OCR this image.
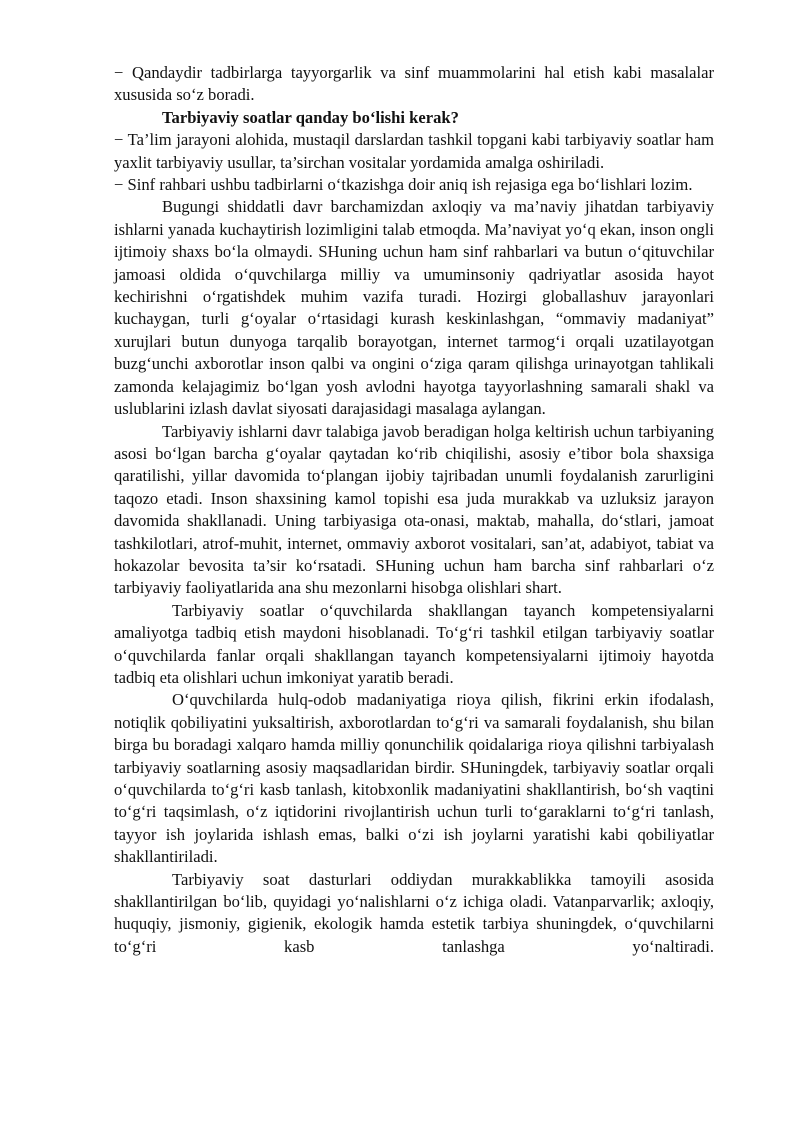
− Qandaydir tadbirlarga tayyorgarlik va sinf muammolarini hal etish kabi masalalar xususida so‘z boradi.

Tarbiyaviy soatlar qanday bo‘lishi kerak?

− Ta’lim jarayoni alohida, mustaqil darslardan tashkil topgani kabi tarbiyaviy soatlar ham yaxlit tarbiyaviy usullar, ta’sirchan vositalar yordamida amalga oshiriladi.

− Sinf rahbari ushbu tadbirlarni o‘tkazishga doir aniq ish rejasiga ega bo‘lishlari lozim.

Bugungi shiddatli davr barchamizdan axloqiy va ma’naviy jihatdan tarbiyaviy ishlarni yanada kuchaytirish lozimligini talab etmoqda. Ma’naviyat yo‘q ekan, inson ongli ijtimoiy shaxs bo‘la olmaydi. SHuning uchun ham sinf rahbarlari va butun o‘qituvchilar jamoasi oldida o‘quvchilarga milliy va umuminsoniy qadriyatlar asosida hayot kechirishni o‘rgatishdek muhim vazifa turadi. Hozirgi globallashuv jarayonlari kuchaygan, turli g‘oyalar o‘rtasidagi kurash keskinlashgan, “ommaviy madaniyat” xurujlari butun dunyoga tarqalib borayotgan, internet tarmog‘i orqali uzatilayotgan buzg‘unchi axborotlar inson qalbi va ongini o‘ziga qaram qilishga urinayotgan tahlikali zamonda kelajagimiz bo‘lgan yosh avlodni hayotga tayyorlashning samarali shakl va uslublarini izlash davlat siyosati darajasidagi masalaga aylangan.

Tarbiyaviy ishlarni davr talabiga javob beradigan holga keltirish uchun tarbiyaning asosi bo‘lgan barcha g‘oyalar qaytadan ko‘rib chiqilishi, asosiy e’tibor bola shaxsiga qaratilishi, yillar davomida to‘plangan ijobiy tajribadan unumli foydalanish zarurligini taqozo etadi. Inson shaxsining kamol topishi esa juda murakkab va uzluksiz jarayon davomida shakllanadi. Uning tarbiyasiga ota-onasi, maktab, mahalla, do‘stlari, jamoat tashkilotlari, atrof-muhit, internet, ommaviy axborot vositalari, san’at, adabiyot, tabiat va hokazolar bevosita ta’sir ko‘rsatadi. SHuning uchun ham barcha sinf rahbarlari o‘z tarbiyaviy faoliyatlarida ana shu mezonlarni hisobga olishlari shart.

Tarbiyaviy soatlar o‘quvchilarda shakllangan tayanch kompetensiyalarni amaliyotga tadbiq etish maydoni hisoblanadi. To‘g‘ri tashkil etilgan tarbiyaviy soatlar o‘quvchilarda fanlar orqali shakllangan tayanch kompetensiyalarni ijtimoiy hayotda tadbiq eta olishlari uchun imkoniyat yaratib beradi.

O‘quvchilarda hulq-odob madaniyatiga rioya qilish, fikrini erkin ifodalash, notiqlik qobiliyatini yuksaltirish, axborotlardan to‘g‘ri va samarali foydalanish, shu bilan birga bu boradagi xalqaro hamda milliy qonunchilik qoidalariga rioya qilishni tarbiyalash tarbiyaviy soatlarning asosiy maqsadlaridan birdir. SHuningdek, tarbiyaviy soatlar orqali o‘quvchilarda to‘g‘ri kasb tanlash, kitobxonlik madaniyatini shakllantirish, bo‘sh vaqtini to‘g‘ri taqsimlash, o‘z iqtidorini rivojlantirish uchun turli to‘garaklarni to‘g‘ri tanlash, tayyor ish joylarida ishlash emas, balki o‘zi ish joylarni yaratishi kabi qobiliyatlar shakllantiriladi.

Tarbiyaviy soat dasturlari oddiydan murakkablikka tamoyili asosida shakllantirilgan bo‘lib, quyidagi yo‘nalishlarni o‘z ichiga oladi. Vatanparvarlik; axloqiy, huquqiy, jismoniy, gigienik, ekologik hamda estetik tarbiya shuningdek, o‘quvchilarni to‘g‘ri kasb tanlashga yo‘naltiradi.
